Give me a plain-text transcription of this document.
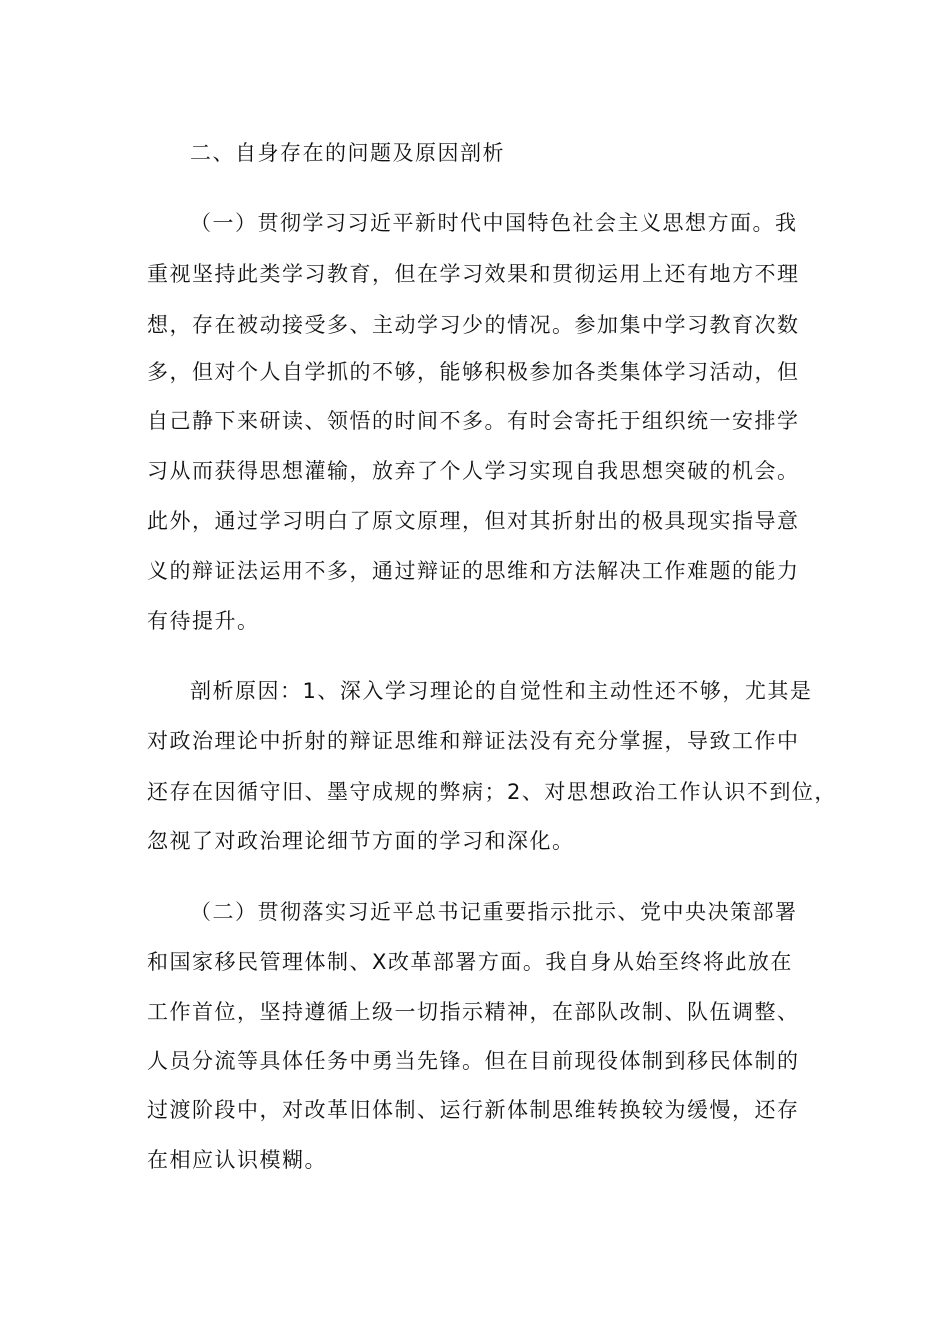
二、自身存在的问题及原因剖析
（一）贯彻学习习近平新时代中国特色社会主义思想方面。我
重视坚持此类学习教育，但在学习效果和贯彻运用上还有地方不理
想，存在被动接受多、主动学习少的情况。参加集中学习教育次数
多，但对个人自学抓的不够，能够积极参加各类集体学习活动，但
自己静下来研读、领悟的时间不多。有时会寄托于组织统一安排学
习从而获得思想灌输，放弃了个人学习实现自我思想突破的机会。
此外，通过学习明白了原文原理，但对其折射出的极具现实指导意
义的辩证法运用不多，通过辩证的思维和方法解决工作难题的能力
有待提升。
剖析原因：1、深入学习理论的自觉性和主动性还不够，尤其是
对政治理论中折射的辩证思维和辩证法没有充分掌握，导致工作中
还存在因循守旧、墨守成规的弊病；2、对思想政治工作认识不到位，
忽视了对政治理论细节方面的学习和深化。
（二）贯彻落实习近平总书记重要指示批示、党中央决策部署
和国家移民管理体制、X改革部署方面。我自身从始至终将此放在
工作首位，坚持遵循上级一切指示精神，在部队改制、队伍调整、
人员分流等具体任务中勇当先锋。但在目前现役体制到移民体制的
过渡阶段中，对改革旧体制、运行新体制思维转换较为缓慢，还存
在相应认识模糊。
